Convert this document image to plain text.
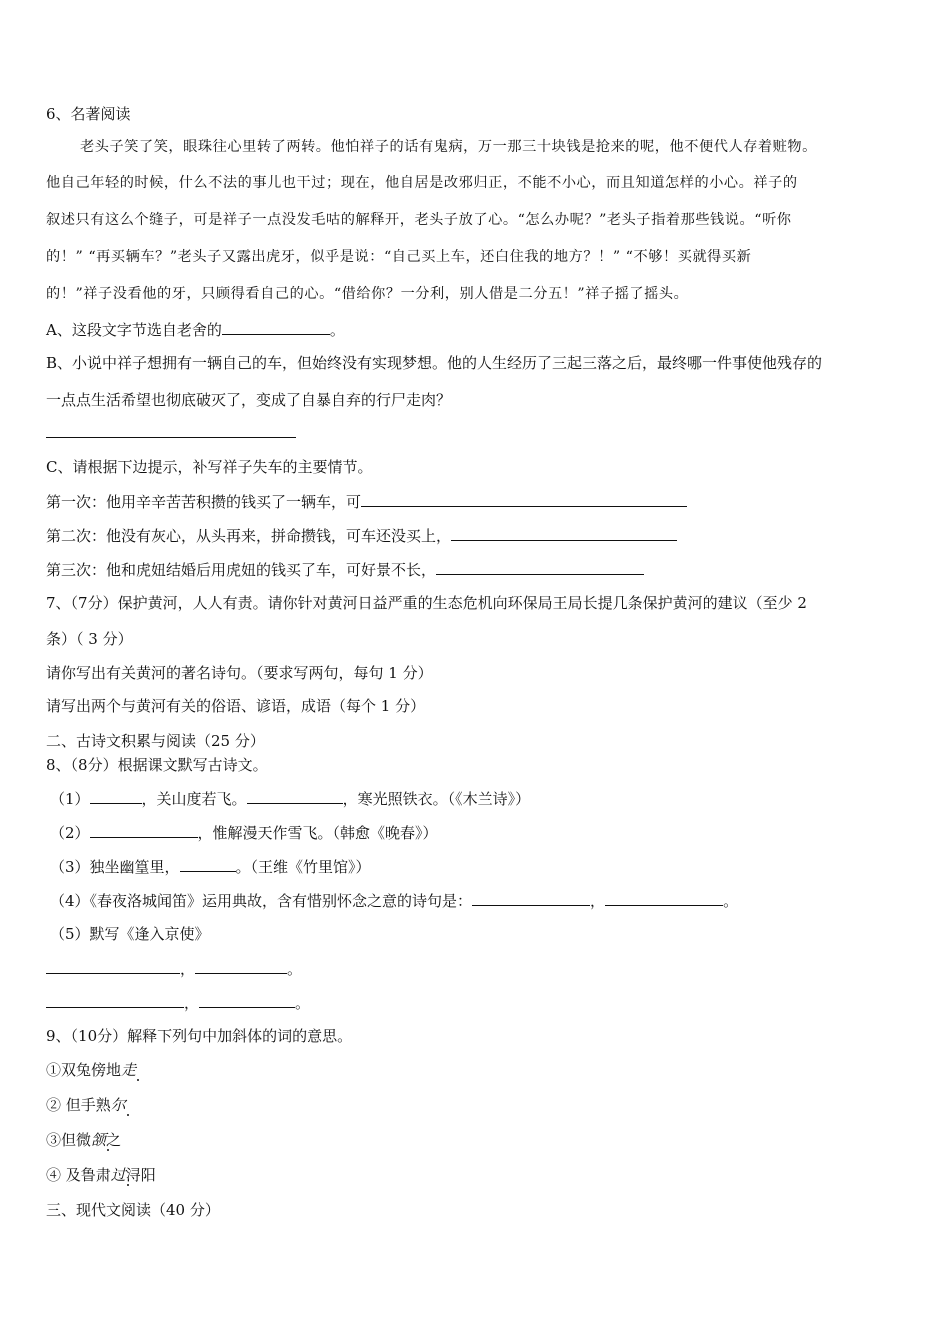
6、名著阅读
老头子笑了笑，眼珠往心里转了两转。他怕祥子的话有鬼病，万一那三十块钱是抢来的呢，他不便代人存着赃物。
他自己年轻的时候，什么不法的事儿也干过；现在，他自居是改邪归正，不能不小心，而且知道怎样的小心。祥子的
叙述只有这么个缝子，可是祥子一点没发毛咕的解释开，老头子放了心。“怎么办呢？”老头子指着那些钱说。“听你
的！” “再买辆车？”老头子又露出虎牙，似乎是说：“自己买上车，还白住我的地方？！” “不够！买就得买新
的！”祥子没看他的牙，只顾得看自己的心。“借给你？一分利，别人借是二分五！”祥子摇了摇头。
A、这段文字节选自老舍的	。
B、小说中祥子想拥有一辆自己的车，但始终没有实现梦想。他的人生经历了三起三落之后，最终哪一件事使他残存的
一点点生活希望也彻底破灭了，变成了自暴自弃的行尸走肉？
C、请根据下边提示，补写祥子失车的主要情节。
第一次：他用辛辛苦苦积攒的钱买了一辆车，可
第二次：他没有灰心，从头再来，拼命攒钱，可车还没买上，
第三次：他和虎妞结婚后用虎妞的钱买了车，可好景不长，
7、（7分）保护黄河，人人有责。请你针对黄河日益严重的生态危机向环保局王局长提几条保护黄河的建议（至少 2
条）（ 3 分）
请你写出有关黄河的著名诗句。（要求写两句，每句 1 分）
请写出两个与黄河有关的俗语、谚语，成语（每个 1 分）
二、古诗文积累与阅读（25 分）
8、（8分）根据课文默写古诗文。
（1）	，关山度若飞。	，寒光照铁衣。（《木兰诗》）
（2）	，惟解漫天作雪飞。（韩愈《晚春》）
（3）独坐幽篁里，	。（王维《竹里馆》）
（4）《春夜洛城闻笛》运用典故，含有惜别怀念之意的诗句是：	，	。
（5）默写《逢入京使》
，	。
，	。
9、（10分）解释下列句中加斜体的词的意思。
①双兔傍地走
② 但手熟尔
③但微颔之
④ 及鲁肃过浔阳
三、现代文阅读（40 分）
